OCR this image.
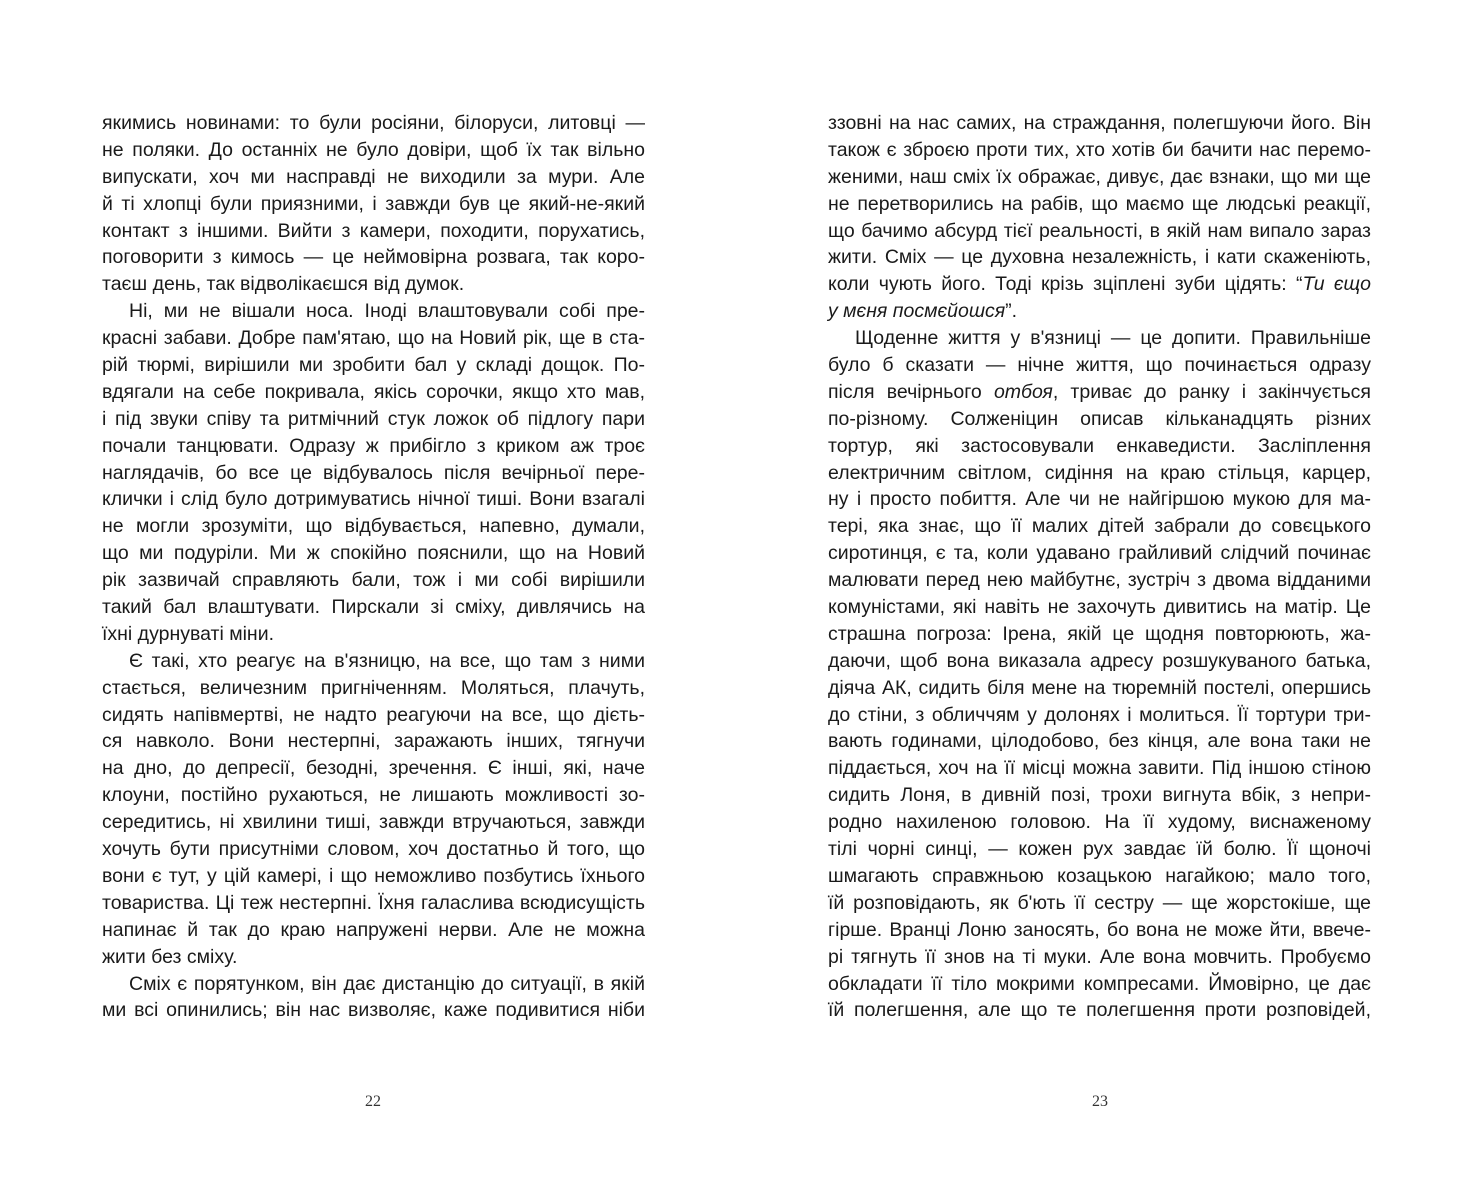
якимись новинами: то були росіяни, білоруси, литовці —
не поляки. До останніх не було довіри, щоб їх так вільно
випускати, хоч ми насправді не виходили за мури. Але
й ті хлопці були приязними, і завжди був це який-не-який
контакт з іншими. Вийти з камери, походити, порухатись,
поговорити з кимось — це неймовірна розвага, так коро-
таєш день, так відволікаєшся від думок.
Ні, ми не вішали носа. Іноді влаштовували собі пре-
красні забави. Добре пам'ятаю, що на Новий рік, ще в ста-
рій тюрмі, вирішили ми зробити бал у складі дощок. По-
вдягали на себе покривала, якісь сорочки, якщо хто мав,
і під звуки співу та ритмічний стук ложок об підлогу пари
почали танцювати. Одразу ж прибігло з криком аж троє
наглядачів, бо все це відбувалось після вечірньої пере-
клички і слід було дотримуватись нічної тиші. Вони взагалі
не могли зрозуміти, що відбувається, напевно, думали,
що ми подуріли. Ми ж спокійно пояснили, що на Новий
рік зазвичай справляють бали, тож і ми собі вирішили
такий бал влаштувати. Пирскали зі сміху, дивлячись на
їхні дурнуваті міни.
Є такі, хто реагує на в'язницю, на все, що там з ними
стається, величезним пригніченням. Моляться, плачуть,
сидять напівмертві, не надто реагуючи на все, що дієть-
ся навколо. Вони нестерпні, заражають інших, тягнучи
на дно, до депресії, безодні, зречення. Є інші, які, наче
клоуни, постійно рухаються, не лишають можливості зо-
середитись, ні хвилини тиші, завжди втручаються, завжди
хочуть бути присутніми словом, хоч достатньо й того, що
вони є тут, у цій камері, і що неможливо позбутись їхнього
товариства. Ці теж нестерпні. Їхня галаслива всюдисущість
напинає й так до краю напружені нерви. Але не можна
жити без сміху.
Сміх є порятунком, він дає дистанцію до ситуації, в якій
ми всі опинились; він нас визволяє, каже подивитися ніби
22
ззовні на нас самих, на страждання, полегшуючи його. Він
також є зброєю проти тих, хто хотів би бачити нас перемо-
женими, наш сміх їх ображає, дивує, дає взнаки, що ми ще
не перетворились на рабів, що маємо ще людські реакції,
що бачимо абсурд тієї реальності, в якій нам випало зараз
жити. Сміх — це духовна незалежність, і кати скаженіють,
коли чують його. Тоді крізь зціплені зуби цідять: “Ти єщо
у мєня посмєйошся”.
Щоденне життя у в'язниці — це допити. Правильніше
було б сказати — нічне життя, що починається одразу
після вечірнього отбоя, триває до ранку і закінчується
по-різному. Солженіцин описав кільканадцять різних
тортур, які застосовували енкаведисти. Засліплення
електричним світлом, сидіння на краю стільця, карцер,
ну і просто побиття. Але чи не найгіршою мукою для ма-
тері, яка знає, що її малих дітей забрали до совєцького
сиротинця, є та, коли удавано грайливий слідчий починає
малювати перед нею майбутнє, зустріч з двома відданими
комуністами, які навіть не захочуть дивитись на матір. Це
страшна погроза: Ірена, якій це щодня повторюють, жа-
даючи, щоб вона виказала адресу розшукуваного батька,
діяча АК, сидить біля мене на тюремній постелі, опершись
до стіни, з обличчям у долонях і молиться. Її тортури три-
вають годинами, цілодобово, без кінця, але вона таки не
піддається, хоч на її місці можна завити. Під іншою стіною
сидить Лоня, в дивній позі, трохи вигнута вбік, з непри-
родно нахиленою головою. На її худому, виснаженому
тілі чорні синці, — кожен рух завдає їй болю. Її щоночі
шмагають справжньою козацькою нагайкою; мало того,
їй розповідають, як б'ють її сестру — ще жорстокіше, ще
гірше. Вранці Лоню заносять, бо вона не може йти, ввече-
рі тягнуть її знов на ті муки. Але вона мовчить. Пробуємо
обкладати її тіло мокрими компресами. Ймовірно, це дає
їй полегшення, але що те полегшення проти розповідей,
23
